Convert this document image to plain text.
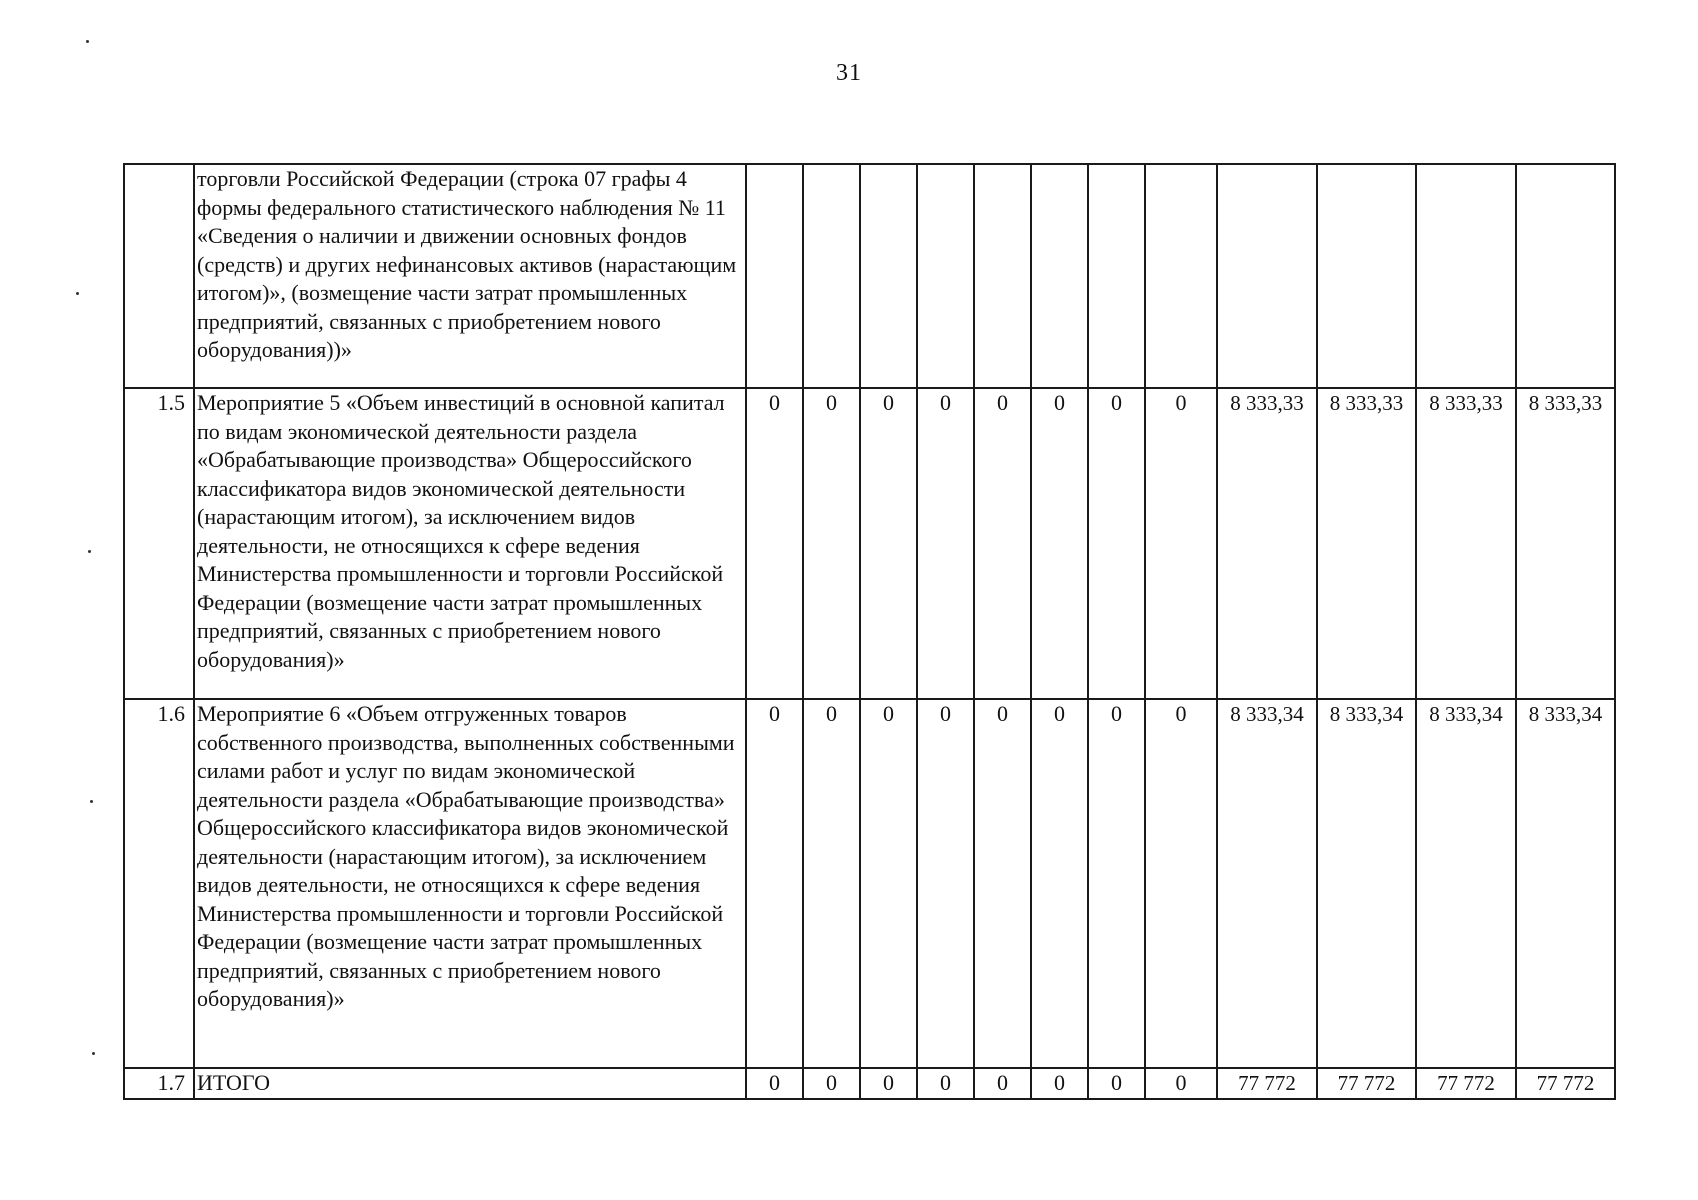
31
	торговли Российской Федерации (строка 07 графы 4 формы федерального статистического наблюдения № 11 «Сведения о наличии и движении основных фондов (средств) и других нефинансовых активов (нарастающим итогом)», (возмещение части затрат промышленных предприятий, связанных с приобретением нового оборудования))»												
1.5	Мероприятие 5 «Объем инвестиций в основной капитал по видам экономической деятельности раздела «Обрабатывающие производства» Общероссийского классификатора видов экономической деятельности (нарастающим итогом), за исключением видов деятельности, не относящихся к сфере ведения Министерства промышленности и торговли Российской Федерации (возмещение части затрат промышленных предприятий, связанных с приобретением нового оборудования)»	0	0	0	0	0	0	0	0	8 333,33	8 333,33	8 333,33	8 333,33
1.6	Мероприятие 6 «Объем отгруженных товаров собственного производства, выполненных собственными силами работ и услуг по видам экономической деятельности раздела «Обрабатывающие производства» Общероссийского классификатора видов экономической деятельности (нарастающим итогом), за исключением видов деятельности, не относящихся к сфере ведения Министерства промышленности и торговли Российской Федерации (возмещение части затрат промышленных предприятий, связанных с приобретением нового оборудования)»	0	0	0	0	0	0	0	0	8 333,34	8 333,34	8 333,34	8 333,34
1.7	ИТОГО	0	0	0	0	0	0	0	0	77 772	77 772	77 772	77 772
